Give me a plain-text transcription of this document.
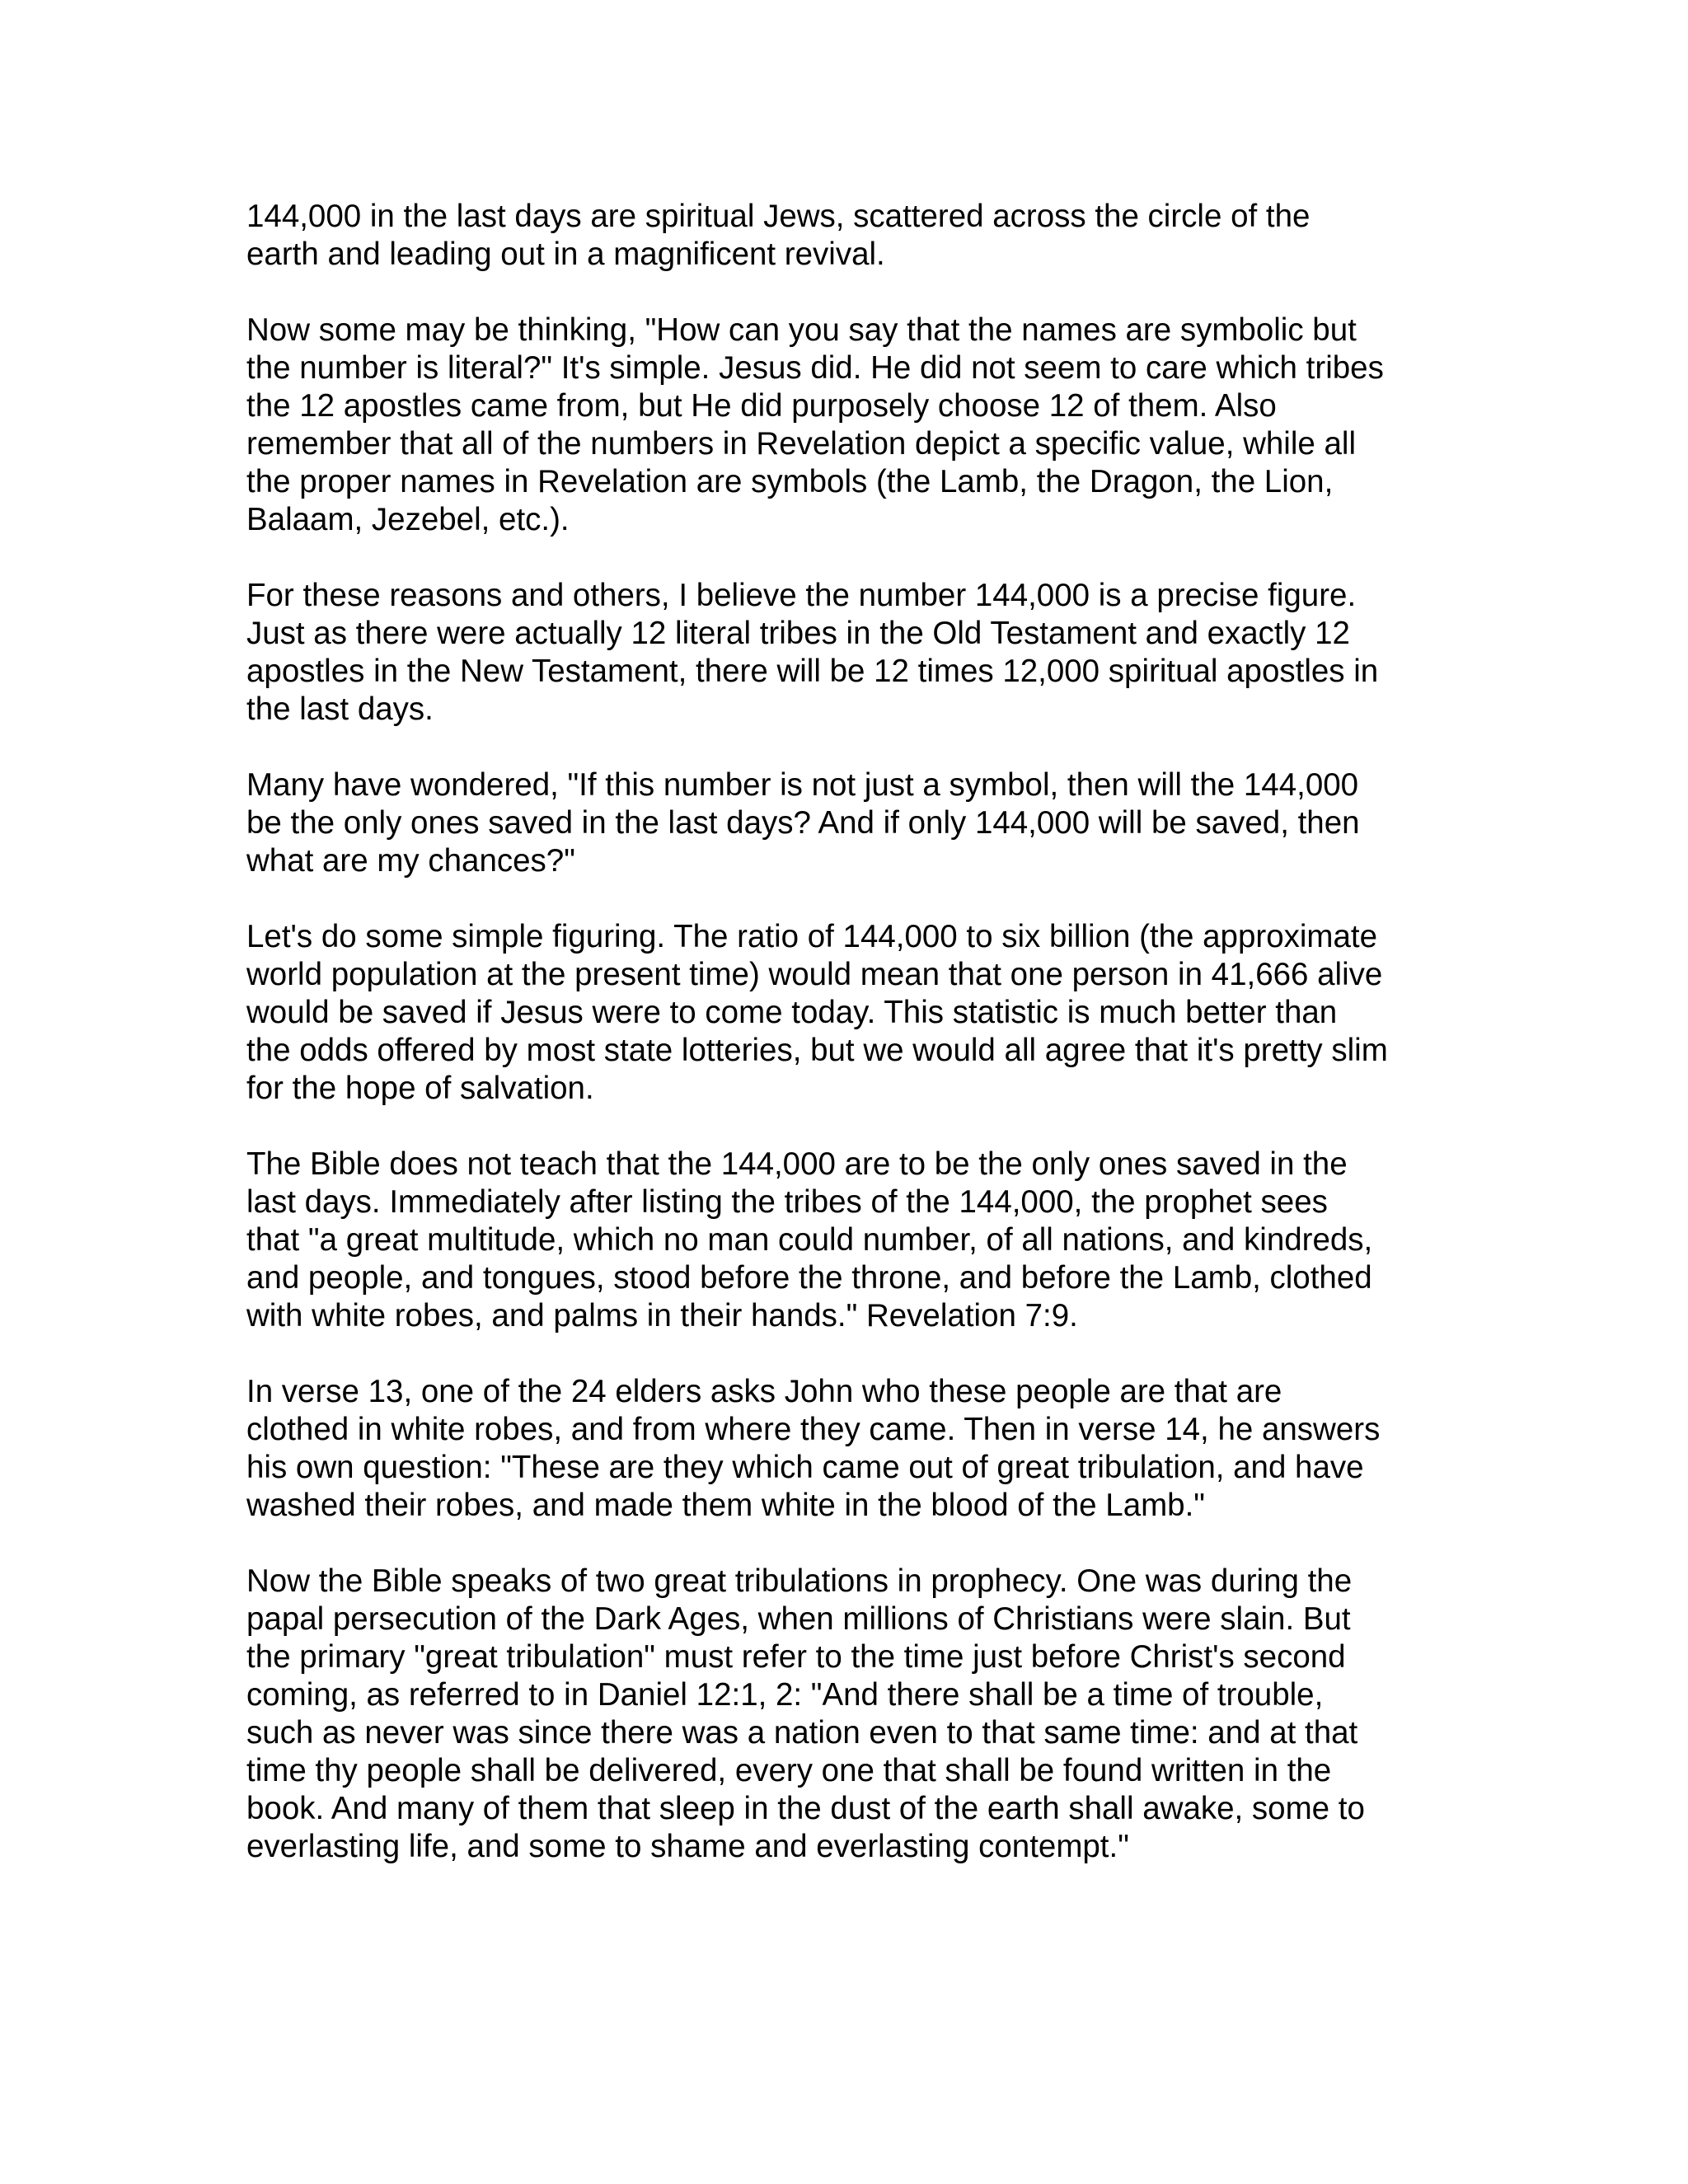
144,000 in the last days are spiritual Jews, scattered across the circle of the
earth and leading out in a magnificent revival.

Now some may be thinking, "How can you say that the names are symbolic but
the number is literal?" It's simple. Jesus did. He did not seem to care which tribes
the 12 apostles came from, but He did purposely choose 12 of them. Also
remember that all of the numbers in Revelation depict a specific value, while all
the proper names in Revelation are symbols (the Lamb, the Dragon, the Lion,
Balaam, Jezebel, etc.).

For these reasons and others, I believe the number 144,000 is a precise figure.
Just as there were actually 12 literal tribes in the Old Testament and exactly 12
apostles in the New Testament, there will be 12 times 12,000 spiritual apostles in
the last days.

Many have wondered, "If this number is not just a symbol, then will the 144,000
be the only ones saved in the last days? And if only 144,000 will be saved, then
what are my chances?"

Let's do some simple figuring. The ratio of 144,000 to six billion (the approximate
world population at the present time) would mean that one person in 41,666 alive
would be saved if Jesus were to come today. This statistic is much better than
the odds offered by most state lotteries, but we would all agree that it's pretty slim
for the hope of salvation.

The Bible does not teach that the 144,000 are to be the only ones saved in the
last days. Immediately after listing the tribes of the 144,000, the prophet sees
that "a great multitude, which no man could number, of all nations, and kindreds,
and people, and tongues, stood before the throne, and before the Lamb, clothed
with white robes, and palms in their hands." Revelation 7:9.

In verse 13, one of the 24 elders asks John who these people are that are
clothed in white robes, and from where they came. Then in verse 14, he answers
his own question: "These are they which came out of great tribulation, and have
washed their robes, and made them white in the blood of the Lamb."

Now the Bible speaks of two great tribulations in prophecy. One was during the
papal persecution of the Dark Ages, when millions of Christians were slain. But
the primary "great tribulation" must refer to the time just before Christ's second
coming, as referred to in Daniel 12:1, 2: "And there shall be a time of trouble,
such as never was since there was a nation even to that same time: and at that
time thy people shall be delivered, every one that shall be found written in the
book. And many of them that sleep in the dust of the earth shall awake, some to
everlasting life, and some to shame and everlasting contempt."
